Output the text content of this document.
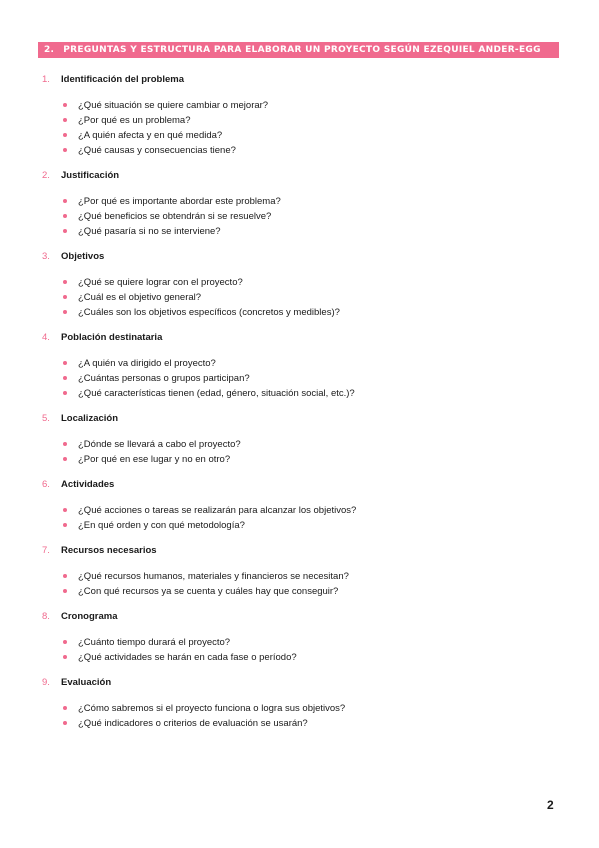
2. PREGUNTAS Y ESTRUCTURA PARA ELABORAR UN PROYECTO SEGÚN EZEQUIEL ANDER-EGG
1. Identificación del problema
¿Qué situación se quiere cambiar o mejorar?
¿Por qué es un problema?
¿A quién afecta y en qué medida?
¿Qué causas y consecuencias tiene?
2. Justificación
¿Por qué es importante abordar este problema?
¿Qué beneficios se obtendrán si se resuelve?
¿Qué pasaría si no se interviene?
3. Objetivos
¿Qué se quiere lograr con el proyecto?
¿Cuál es el objetivo general?
¿Cuáles son los objetivos específicos (concretos y medibles)?
4. Población destinataria
¿A quién va dirigido el proyecto?
¿Cuántas personas o grupos participan?
¿Qué características tienen (edad, género, situación social, etc.)?
5. Localización
¿Dónde se llevará a cabo el proyecto?
¿Por qué en ese lugar y no en otro?
6. Actividades
¿Qué acciones o tareas se realizarán para alcanzar los objetivos?
¿En qué orden y con qué metodología?
7. Recursos necesarios
¿Qué recursos humanos, materiales y financieros se necesitan?
¿Con qué recursos ya se cuenta y cuáles hay que conseguir?
8. Cronograma
¿Cuánto tiempo durará el proyecto?
¿Qué actividades se harán en cada fase o período?
9. Evaluación
¿Cómo sabremos si el proyecto funciona o logra sus objetivos?
¿Qué indicadores o criterios de evaluación se usarán?
2
